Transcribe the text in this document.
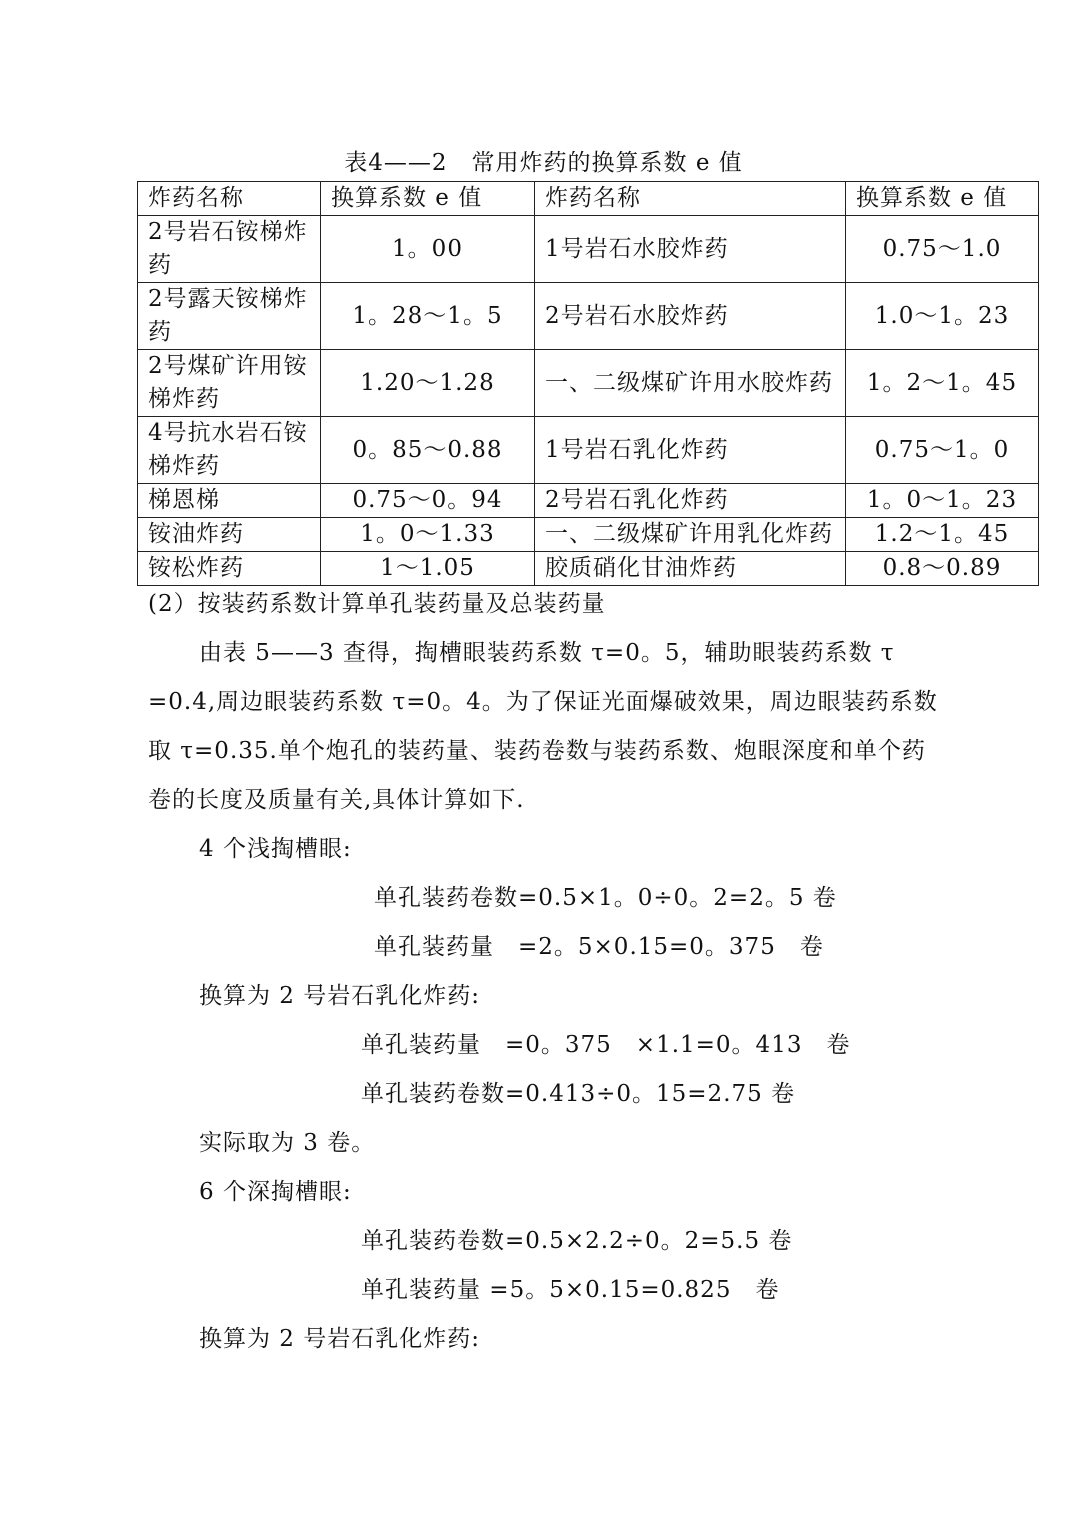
表4——2　常用炸药的换算系数 e 值
炸药名称	换算系数 e 值	炸药名称	换算系数 e 值
2号岩石铵梯炸药	1。00	1号岩石水胶炸药	0.75～1.0
2号露天铵梯炸药	1。28～1。5	2号岩石水胶炸药	1.0～1。23
2号煤矿许用铵梯炸药	1.20～1.28	一、二级煤矿许用水胶炸药	1。2～1。45
4号抗水岩石铵梯炸药	0。85～0.88	1号岩石乳化炸药	0.75～1。0
梯恩梯	0.75～0。94	2号岩石乳化炸药	1。0～1。23
铵油炸药	1。0～1.33	一、二级煤矿许用乳化炸药	1.2～1。45
铵松炸药	1～1.05	胶质硝化甘油炸药	0.8～0.89
(2）按装药系数计算单孔装药量及总装药量
由表 5——3 查得，掏槽眼装药系数 τ=0。5，辅助眼装药系数 τ
=0.4,周边眼装药系数 τ=0。4。为了保证光面爆破效果，周边眼装药系数
取 τ=0.35.单个炮孔的装药量、装药卷数与装药系数、炮眼深度和单个药
卷的长度及质量有关,具体计算如下.
4 个浅掏槽眼:
单孔装药卷数=0.5×1。0÷0。2=2。5 卷
单孔装药量　=2。5×0.15=0。375　卷
换算为 2 号岩石乳化炸药:
单孔装药量　=0。375　×1.1=0。413　卷
单孔装药卷数=0.413÷0。15=2.75 卷
实际取为 3 卷。
6 个深掏槽眼:
单孔装药卷数=0.5×2.2÷0。2=5.5 卷
单孔装药量 =5。5×0.15=0.825　卷
换算为 2 号岩石乳化炸药:
